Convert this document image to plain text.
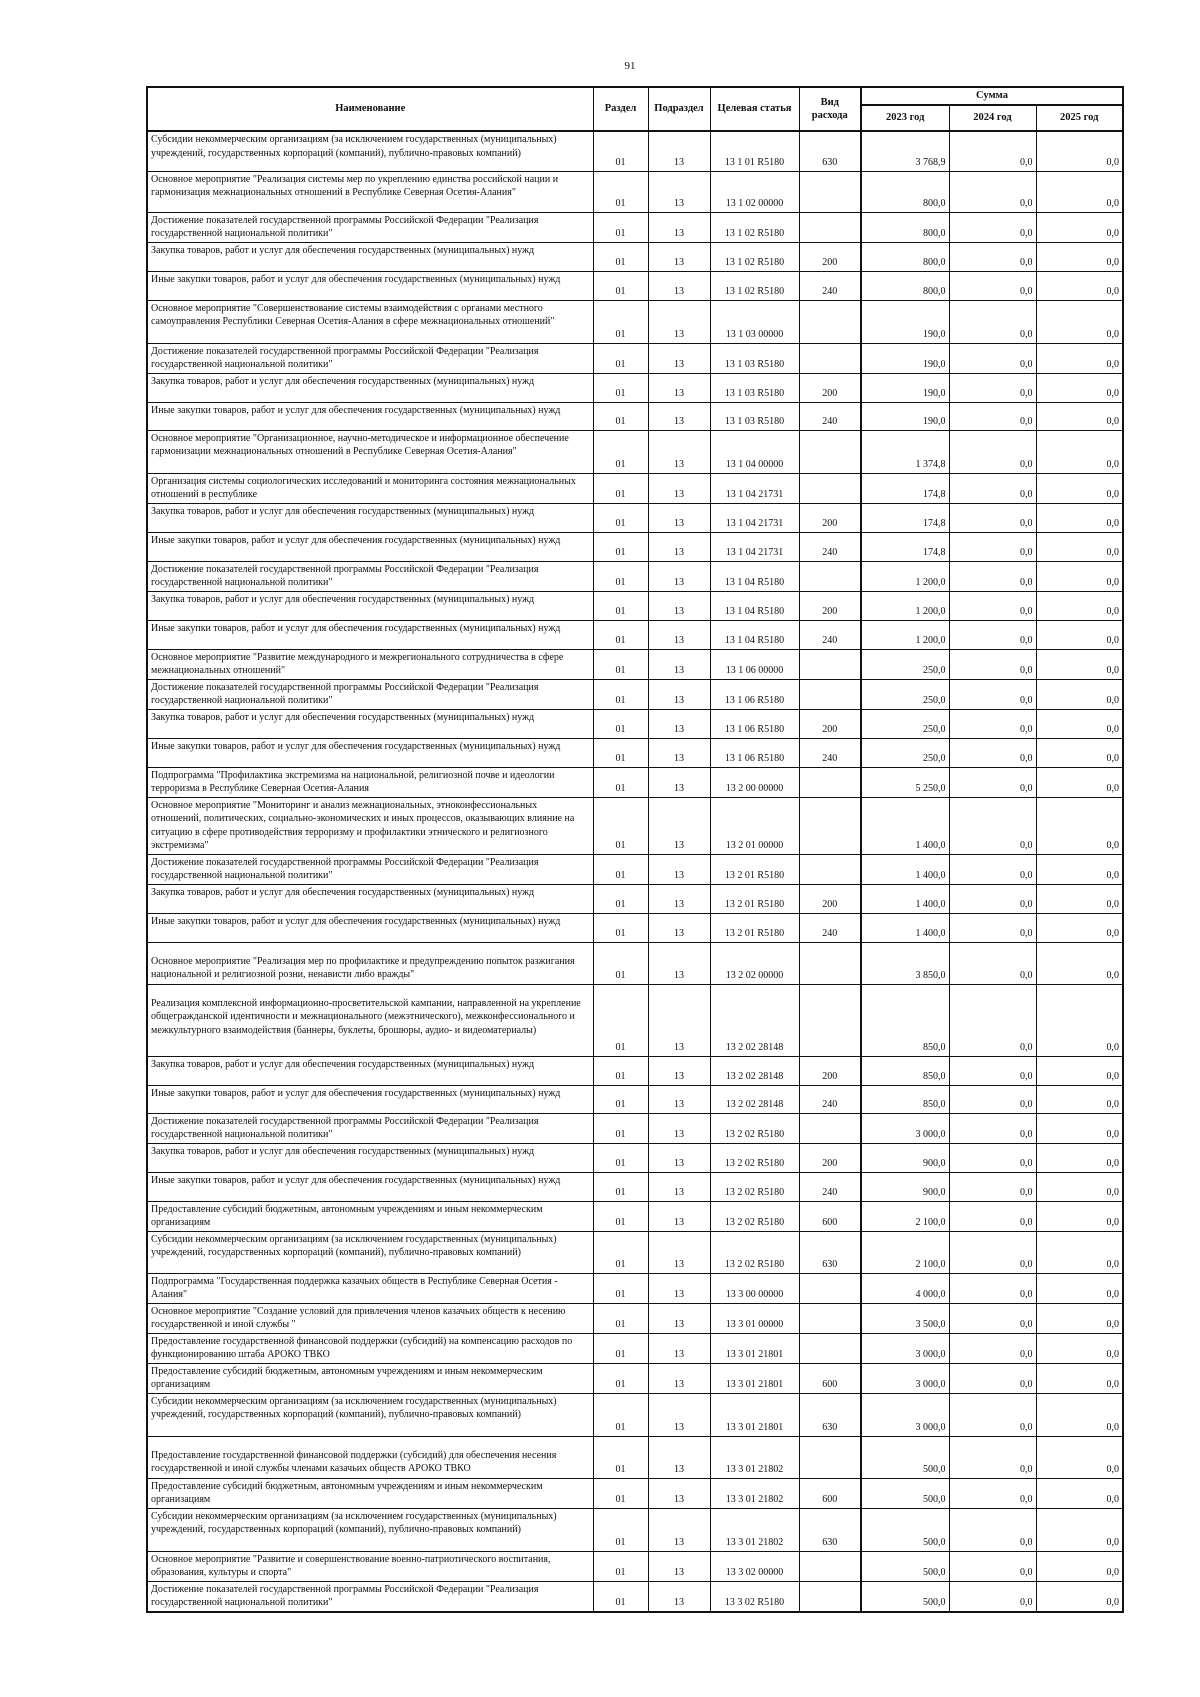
91
Наименование	Раздел	Подраздел	Целевая статья	Вид расхода	Сумма		
					2023 год	2024 год	2025 год
Субсидии некоммерческим организациям (за исключением государственных (муниципальных) учреждений, государственных корпораций (компаний), публично-правовых компаний)	01	13	13 1 01 R5180	630	3 768,9	0,0	0,0
Основное мероприятие "Реализация системы мер по укреплению единства российской нации и гармонизация межнациональных отношений в Республике Северная Осетия-Алания"	01	13	13 1 02 00000		800,0	0,0	0,0
Достижение показателей государственной программы Российской Федерации "Реализация государственной национальной политики"	01	13	13 1 02 R5180		800,0	0,0	0,0
Закупка товаров, работ и услуг для обеспечения государственных (муниципальных) нужд	01	13	13 1 02 R5180	200	800,0	0,0	0,0
Иные закупки товаров, работ и услуг для обеспечения государственных (муниципальных) нужд	01	13	13 1 02 R5180	240	800,0	0,0	0,0
Основное мероприятие "Совершенствование системы взаимодействия с органами местного самоуправления Республики Северная Осетия-Алания в сфере межнациональных отношений"	01	13	13 1 03 00000		190,0	0,0	0,0
Достижение показателей государственной программы Российской Федерации "Реализация государственной национальной политики"	01	13	13 1 03 R5180		190,0	0,0	0,0
Закупка товаров, работ и услуг для обеспечения государственных (муниципальных) нужд	01	13	13 1 03 R5180	200	190,0	0,0	0,0
Иные закупки товаров, работ и услуг для обеспечения государственных (муниципальных) нужд	01	13	13 1 03 R5180	240	190,0	0,0	0,0
Основное мероприятие "Организационное, научно-методическое и информационное обеспечение гармонизации межнациональных отношений в Республике Северная Осетия-Алания"	01	13	13 1 04 00000		1 374,8	0,0	0,0
Организация системы социологических исследований и мониторинга состояния межнациональных отношений в республике	01	13	13 1 04 21731		174,8	0,0	0,0
Закупка товаров, работ и услуг для обеспечения государственных (муниципальных) нужд	01	13	13 1 04 21731	200	174,8	0,0	0,0
Иные закупки товаров, работ и услуг для обеспечения государственных (муниципальных) нужд	01	13	13 1 04 21731	240	174,8	0,0	0,0
Достижение показателей государственной программы Российской Федерации "Реализация государственной национальной политики"	01	13	13 1 04 R5180		1 200,0	0,0	0,0
Закупка товаров, работ и услуг для обеспечения государственных (муниципальных) нужд	01	13	13 1 04 R5180	200	1 200,0	0,0	0,0
Иные закупки товаров, работ и услуг для обеспечения государственных (муниципальных) нужд	01	13	13 1 04 R5180	240	1 200,0	0,0	0,0
Основное мероприятие "Развитие международного и межрегионального сотрудничества в сфере межнациональных отношений"	01	13	13 1 06 00000		250,0	0,0	0,0
Достижение показателей государственной программы Российской Федерации "Реализация государственной национальной политики"	01	13	13 1 06 R5180		250,0	0,0	0,0
Закупка товаров, работ и услуг для обеспечения государственных (муниципальных) нужд	01	13	13 1 06 R5180	200	250,0	0,0	0,0
Иные закупки товаров, работ и услуг для обеспечения государственных (муниципальных) нужд	01	13	13 1 06 R5180	240	250,0	0,0	0,0
Подпрограмма "Профилактика экстремизма на национальной, религиозной почве и идеологии терроризма в Республике Северная Осетия-Алания	01	13	13 2 00 00000		5 250,0	0,0	0,0
Основное мероприятие "Мониторинг и анализ межнациональных, этноконфессиональных отношений, политических, социально-экономических и иных процессов, оказывающих влияние на ситуацию в сфере противодействия терроризму и профилактики этнического и религиозного экстремизма"	01	13	13 2 01 00000		1 400,0	0,0	0,0
Достижение показателей государственной программы Российской Федерации "Реализация государственной национальной политики"	01	13	13 2 01 R5180		1 400,0	0,0	0,0
Закупка товаров, работ и услуг для обеспечения государственных (муниципальных) нужд	01	13	13 2 01 R5180	200	1 400,0	0,0	0,0
Иные закупки товаров, работ и услуг для обеспечения государственных (муниципальных) нужд	01	13	13 2 01 R5180	240	1 400,0	0,0	0,0
Основное мероприятие "Реализация мер по профилактике и предупреждению попыток разжигания национальной и религиозной розни, ненависти либо вражды"	01	13	13 2 02 00000		3 850,0	0,0	0,0
Реализация комплексной информационно-просветительской кампании, направленной на укрепление общегражданской идентичности и межнационального (межэтнического), межконфессионального и межкультурного взаимодействия (баннеры, буклеты, брошюры, аудио- и видеоматериалы)	01	13	13 2 02 28148		850,0	0,0	0,0
Закупка товаров, работ и услуг для обеспечения государственных (муниципальных) нужд	01	13	13 2 02 28148	200	850,0	0,0	0,0
Иные закупки товаров, работ и услуг для обеспечения государственных (муниципальных) нужд	01	13	13 2 02 28148	240	850,0	0,0	0,0
Достижение показателей государственной программы Российской Федерации "Реализация государственной национальной политики"	01	13	13 2 02 R5180		3 000,0	0,0	0,0
Закупка товаров, работ и услуг для обеспечения государственных (муниципальных) нужд	01	13	13 2 02 R5180	200	900,0	0,0	0,0
Иные закупки товаров, работ и услуг для обеспечения государственных (муниципальных) нужд	01	13	13 2 02 R5180	240	900,0	0,0	0,0
Предоставление субсидий бюджетным, автономным учреждениям и иным некоммерческим организациям	01	13	13 2 02 R5180	600	2 100,0	0,0	0,0
Субсидии некоммерческим организациям (за исключением государственных (муниципальных) учреждений, государственных корпораций (компаний), публично-правовых компаний)	01	13	13 2 02 R5180	630	2 100,0	0,0	0,0
Подпрограмма "Государственная поддержка казачьих обществ в Республике Северная Осетия - Алания"	01	13	13 3 00 00000		4 000,0	0,0	0,0
Основное мероприятие "Создание условий для привлечения членов казачьих обществ к несению государственной и иной службы "	01	13	13 3 01 00000		3 500,0	0,0	0,0
Предоставление государственной финансовой поддержки (субсидий) на компенсацию расходов по функционированию штаба АРОКО ТВКО	01	13	13 3 01 21801		3 000,0	0,0	0,0
Предоставление субсидий бюджетным, автономным учреждениям и иным некоммерческим организациям	01	13	13 3 01 21801	600	3 000,0	0,0	0,0
Субсидии некоммерческим организациям (за исключением государственных (муниципальных) учреждений, государственных корпораций (компаний), публично-правовых компаний)	01	13	13 3 01 21801	630	3 000,0	0,0	0,0
Предоставление государственной финансовой поддержки (субсидий) для обеспечения несения государственной и иной службы членами казачьих обществ АРОКО ТВКО	01	13	13 3 01 21802		500,0	0,0	0,0
Предоставление субсидий бюджетным, автономным учреждениям и иным некоммерческим организациям	01	13	13 3 01 21802	600	500,0	0,0	0,0
Субсидии некоммерческим организациям (за исключением государственных (муниципальных) учреждений, государственных корпораций (компаний), публично-правовых компаний)	01	13	13 3 01 21802	630	500,0	0,0	0,0
Основное мероприятие "Развитие и совершенствование военно-патриотического воспитания, образования, культуры и спорта"	01	13	13 3 02 00000		500,0	0,0	0,0
Достижение показателей государственной программы Российской Федерации "Реализация государственной национальной политики"	01	13	13 3 02 R5180		500,0	0,0	0,0
